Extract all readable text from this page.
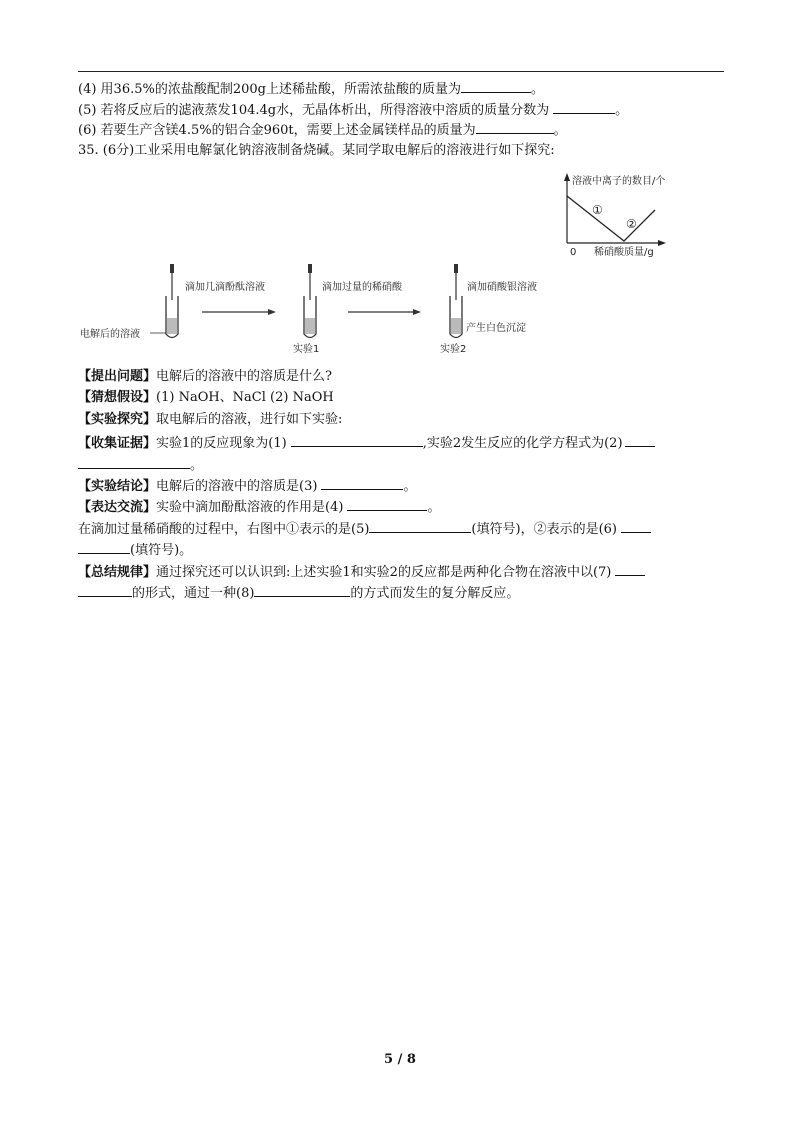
(4) 用36.5%的浓盐酸配制200g上述稀盐酸，所需浓盐酸的质量为	。
(5) 若将反应后的滤液蒸发104.4g水，无晶体析出，所得溶液中溶质的质量分数为	。
(6) 若要生产含镁4.5%的铝合金960t，需要上述金属镁样品的质量为	。
35. (6分)工业采用电解氯化钠溶液制备烧碱。某同学取电解后的溶液进行如下探究:
溶液中离子的数目/个
0 稀硝酸质量/g
①
②
滴加几滴酚酞溶液
电解后的溶液
滴加过量的稀硝酸
实验1
滴加硝酸银溶液
产生白色沉淀
实验2
【提出问题】电解后的溶液中的溶质是什么?
【猜想假设】(1) NaOH、NaCl (2) NaOH
【实验探究】取电解后的溶液，进行如下实验:
【收集证据】实验1的反应现象为(1)	,实验2发生反应的化学方程式为(2)
。
【实验结论】电解后的溶液中的溶质是(3)	。
【表达交流】实验中滴加酚酞溶液的作用是(4)	。
在滴加过量稀硝酸的过程中，右图中①表示的是(5)	(填符号)，②表示的是(6)
(填符号)。
【总结规律】通过探究还可以认识到:上述实验1和实验2的反应都是两种化合物在溶液中以(7)
的形式，通过一种(8)	的方式而发生的复分解反应。
5 / 8
